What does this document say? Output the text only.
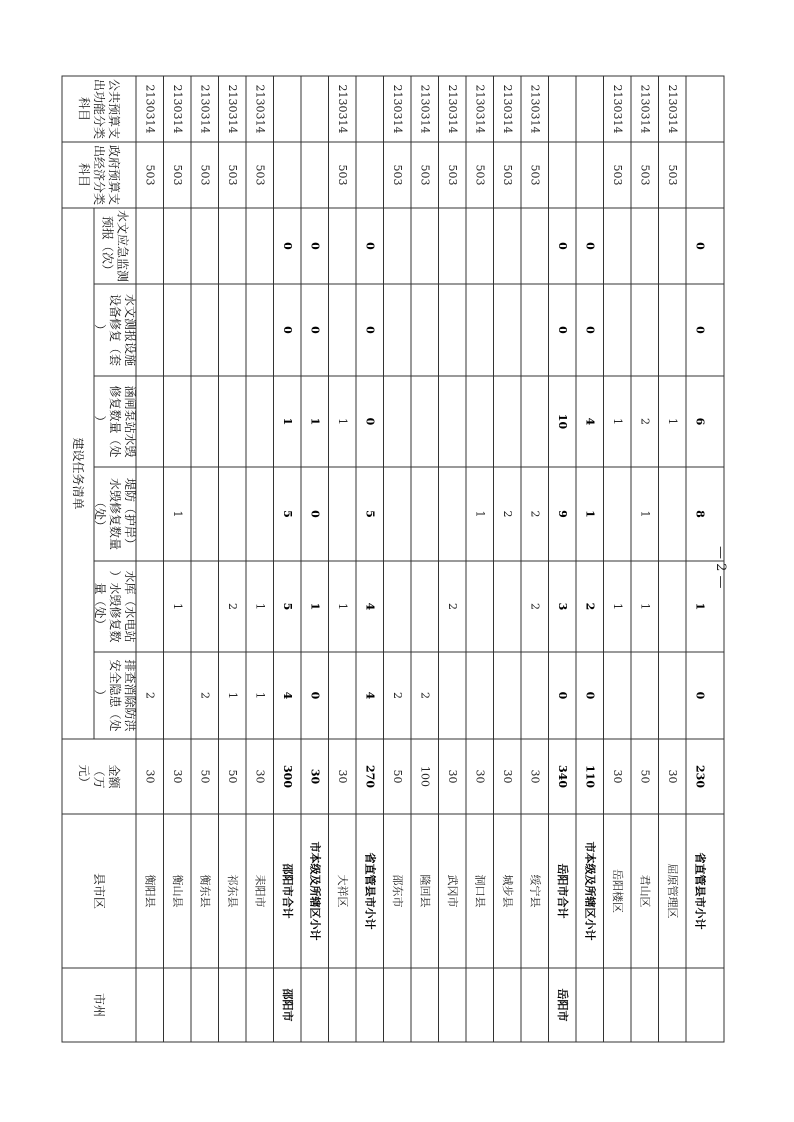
市州
县市区
金额
（万
元）
建设任务清单
排查消除防洪
安全隐患（处
）
水库（水电站
）水毁修复数
量（处）
堤防（护岸）
水毁修复数量
（处）
涵闸泵站水毁
修复数量（处
）
水文测报设施
设备修复（套
）
水文应急监测
预报（次）
政府预算支
出经济分类
科目
公共预算支
出功能分类
科目	2130314
503
2
30
衡阳县
2130314
503
1
1
30
衡山县
2130314
503
2
50
衡东县
2130314
503
2
1
50
祁东县
2130314
503
1
1
30
耒阳市
0
0
1
5
5
4
300
邵阳市合计
邵阳市
0
0
1
0
1
0
30
市本级及所辖区小计
2130314
503
1
1
30
大祥区
0
0
0
5
4
4
270
省直管县市小计
2130314
503
2
50
邵东市
2130314
503
2
100
隆回县
2130314
503
2
30
武冈市
2130314
503
1
30
洞口县
2130314
503
2
30
城步县
2130314
503
2
2
30
绥宁县
0
0
10
9
3
0
340
岳阳市合计
岳阳市
0
0
4
1
2
0
110
市本级及所辖区小计
2130314
503
1
1
30
岳阳楼区
2130314
503
2
1
1
50
君山区
2130314
503
1
30
屈原管理区
0
0
6
8
1
0
230
省直管县市小计
— 2 —
